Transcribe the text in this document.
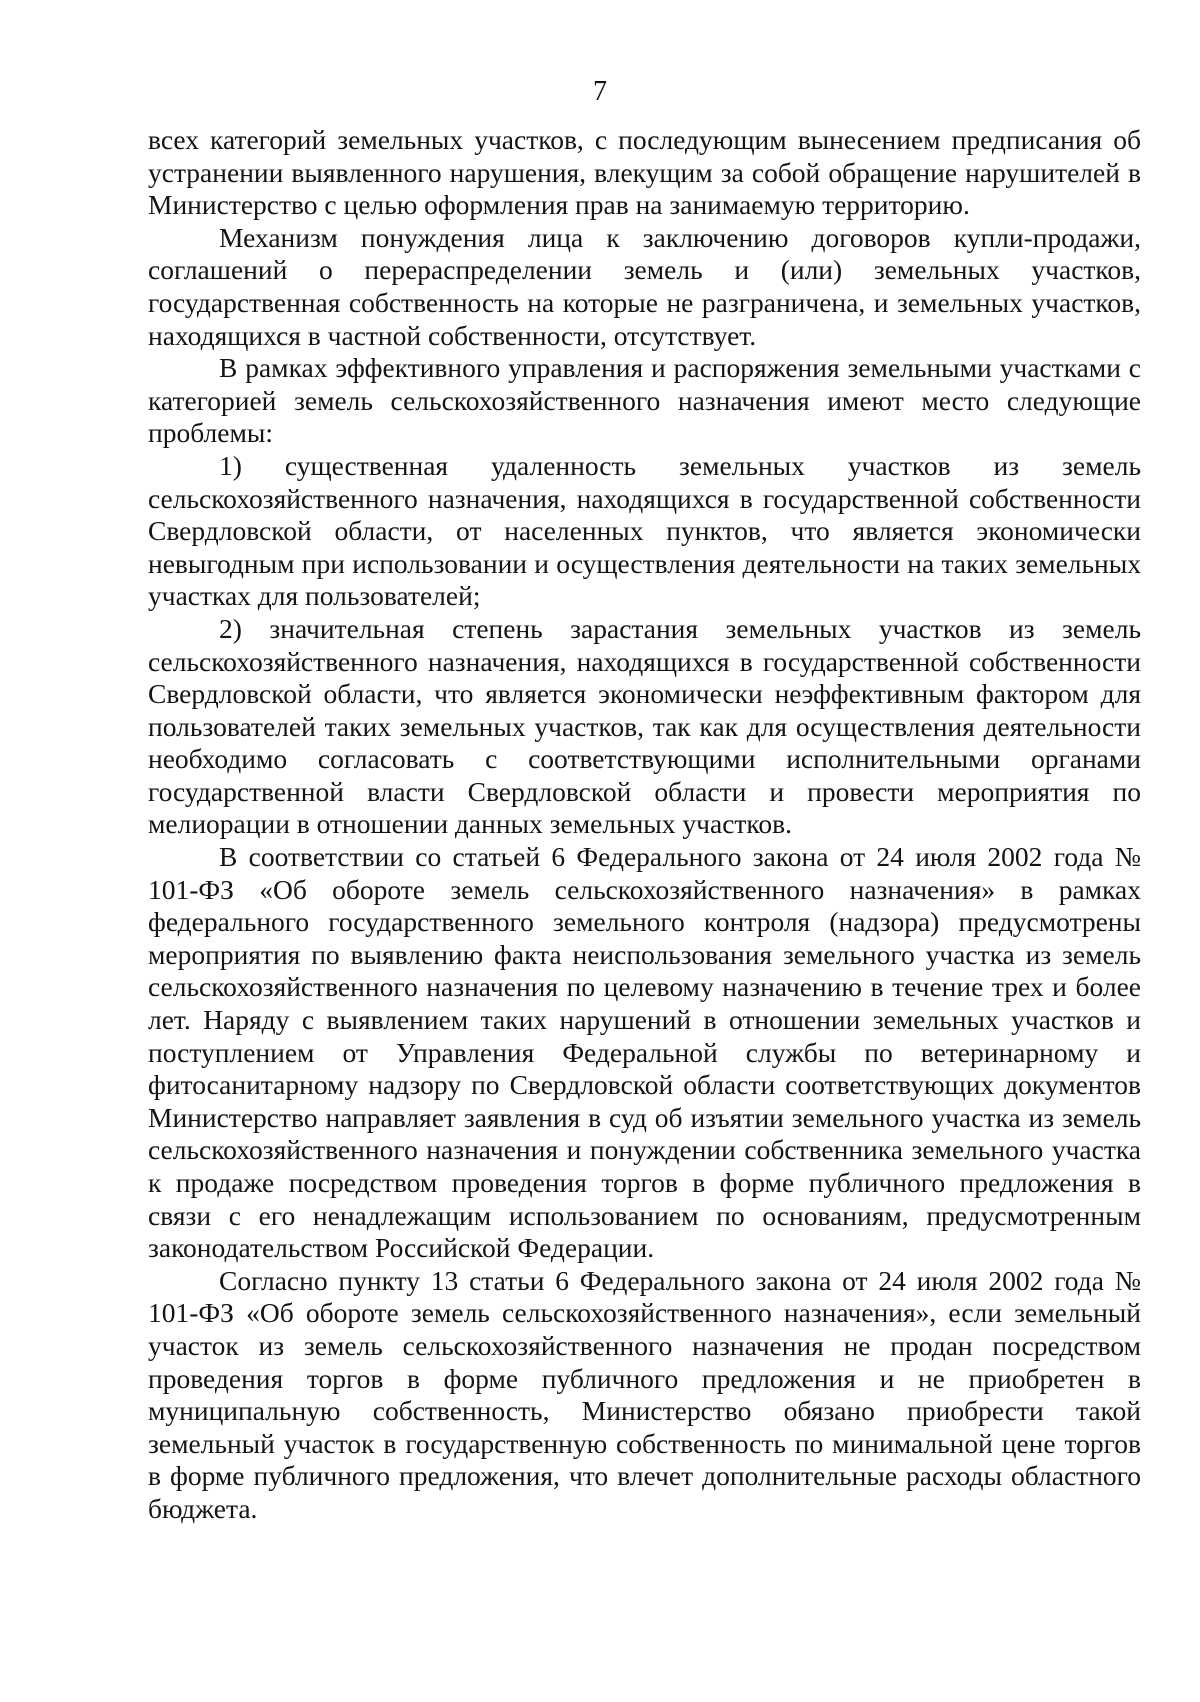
7

всех категорий земельных участков, с последующим вынесением предписания об устранении выявленного нарушения, влекущим за собой обращение нарушителей в Министерство с целью оформления прав на занимаемую территорию.

Механизм понуждения лица к заключению договоров купли-продажи, соглашений о перераспределении земель и (или) земельных участков, государственная собственность на которые не разграничена, и земельных участков, находящихся в частной собственности, отсутствует.

В рамках эффективного управления и распоряжения земельными участками с категорией земель сельскохозяйственного назначения имеют место следующие проблемы:

1) существенная удаленность земельных участков из земель сельскохозяйственного назначения, находящихся в государственной собственности Свердловской области, от населенных пунктов, что является экономически невыгодным при использовании и осуществления деятельности на таких земельных участках для пользователей;

2) значительная степень зарастания земельных участков из земель сельскохозяйственного назначения, находящихся в государственной собственности Свердловской области, что является экономически неэффективным фактором для пользователей таких земельных участков, так как для осуществления деятельности необходимо согласовать с соответствующими исполнительными органами государственной власти Свердловской области и провести мероприятия по мелиорации в отношении данных земельных участков.

В соответствии со статьей 6 Федерального закона от 24 июля 2002 года № 101-ФЗ «Об обороте земель сельскохозяйственного назначения» в рамках федерального государственного земельного контроля (надзора) предусмотрены мероприятия по выявлению факта неиспользования земельного участка из земель сельскохозяйственного назначения по целевому назначению в течение трех и более лет. Наряду с выявлением таких нарушений в отношении земельных участков и поступлением от Управления Федеральной службы по ветеринарному и фитосанитарному надзору по Свердловской области соответствующих документов Министерство направляет заявления в суд об изъятии земельного участка из земель сельскохозяйственного назначения и понуждении собственника земельного участка к продаже посредством проведения торгов в форме публичного предложения в связи с его ненадлежащим использованием по основаниям, предусмотренным законодательством Российской Федерации.

Согласно пункту 13 статьи 6 Федерального закона от 24 июля 2002 года № 101-ФЗ «Об обороте земель сельскохозяйственного назначения», если земельный участок из земель сельскохозяйственного назначения не продан посредством проведения торгов в форме публичного предложения и не приобретен в муниципальную собственность, Министерство обязано приобрести такой земельный участок в государственную собственность по минимальной цене торгов в форме публичного предложения, что влечет дополнительные расходы областного бюджета.
